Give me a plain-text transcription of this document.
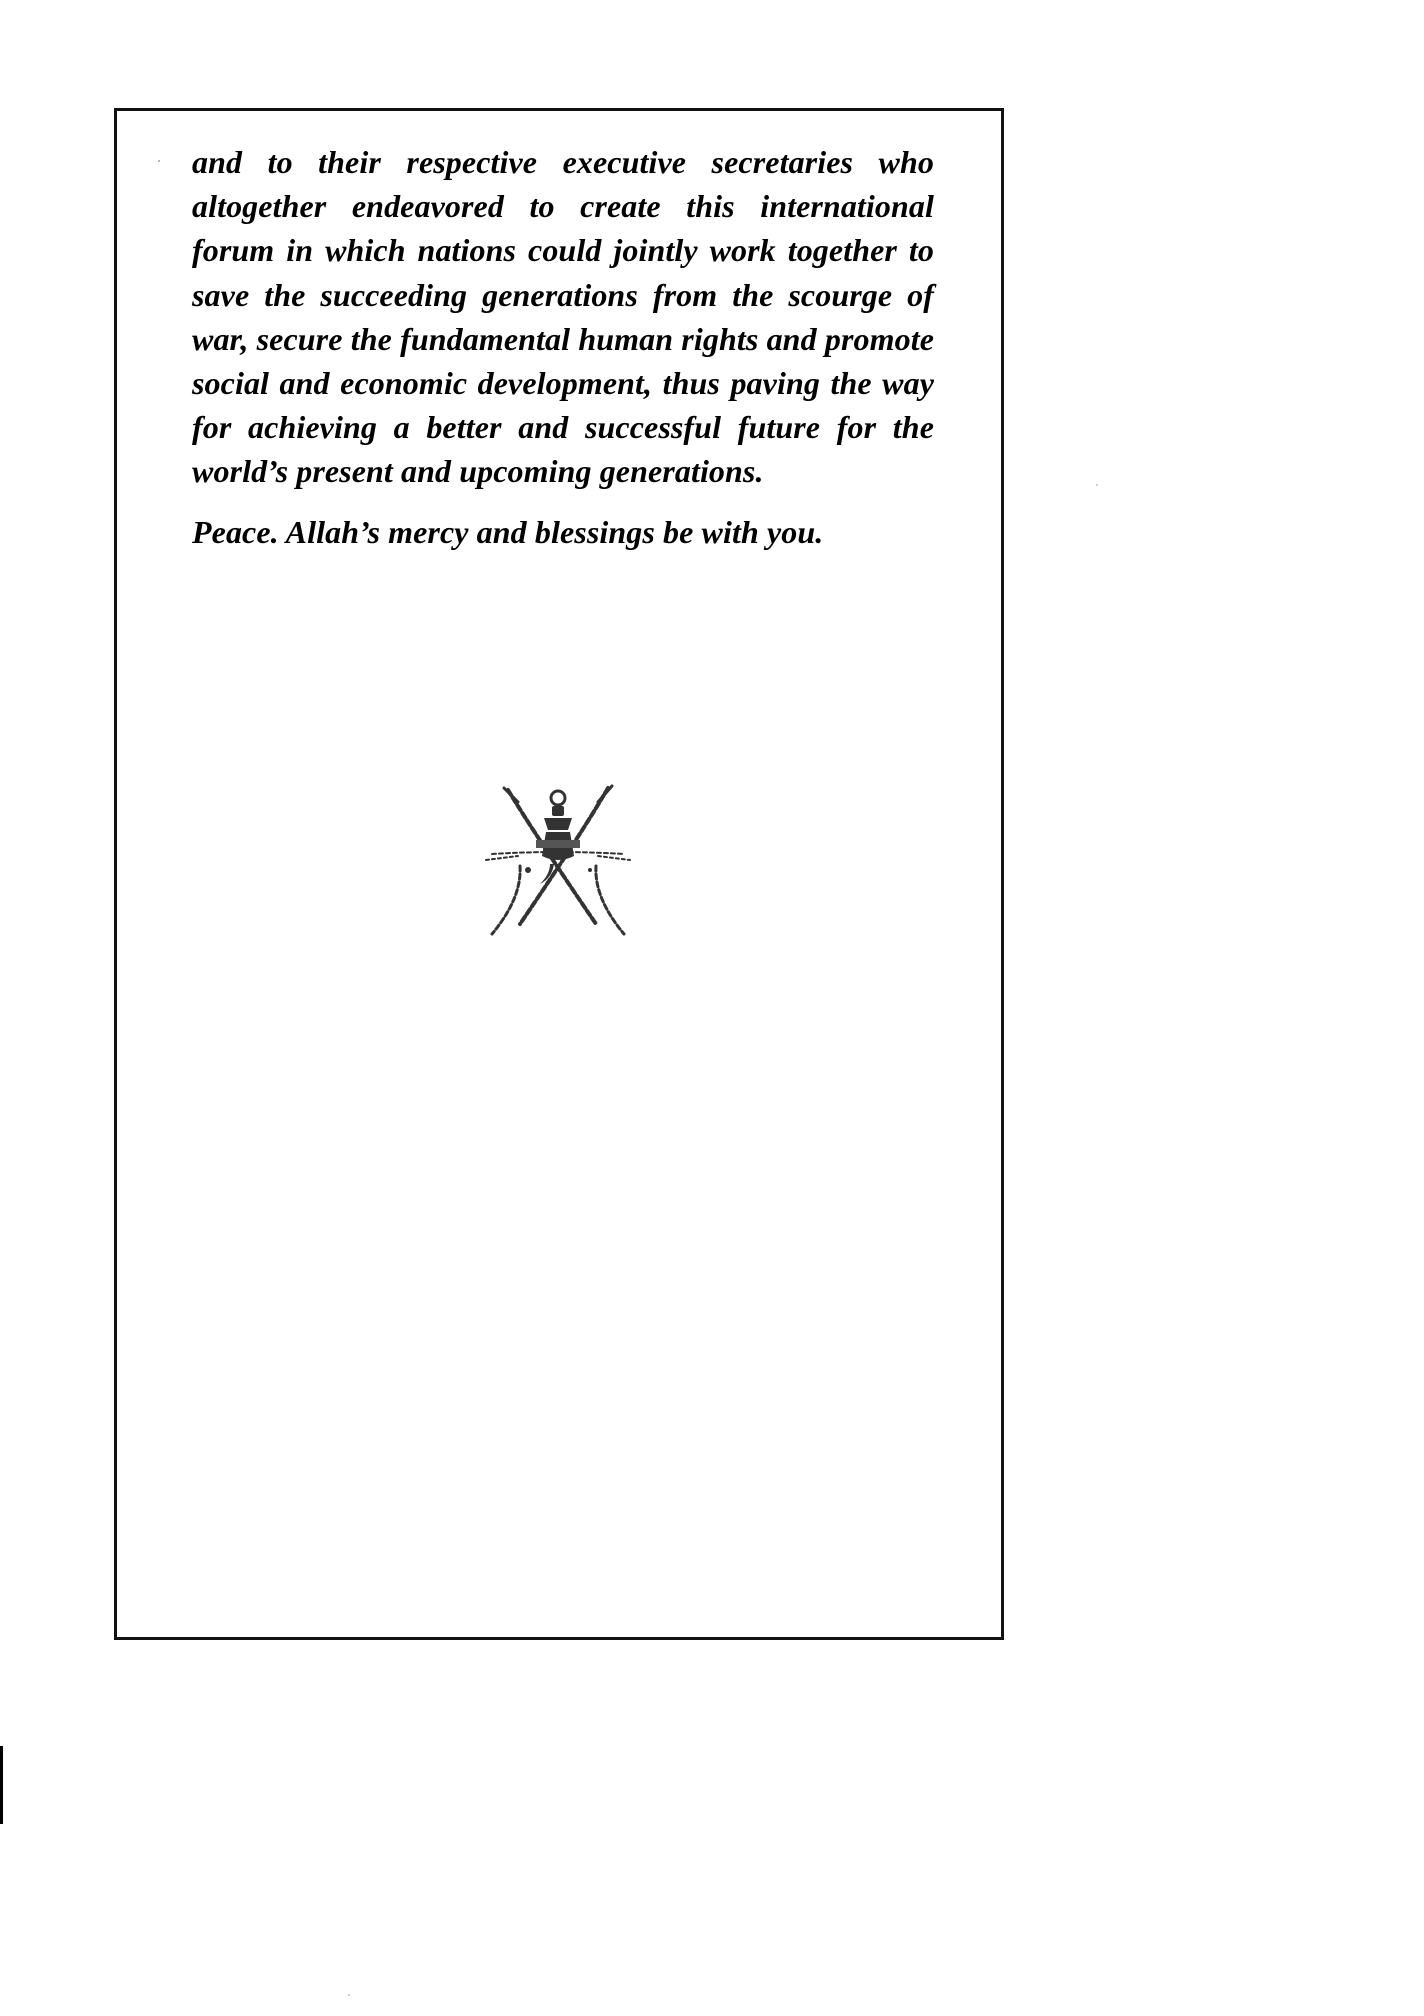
and to their respective executive secretaries who altogether endeavored to create this international forum in which nations could jointly work together to save the succeeding generations from the scourge of war, secure the fundamental human rights and promote social and economic development, thus paving the way for achieving a better and successful future for the world’s present and upcoming generations.

Peace. Allah’s mercy and blessings be with you.
